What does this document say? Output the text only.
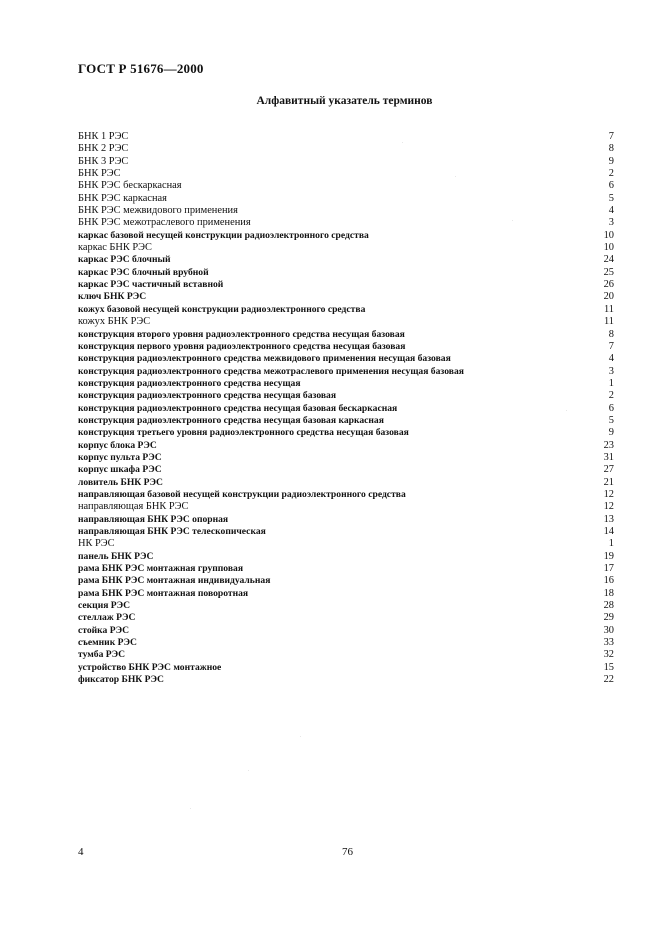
ГОСТ Р 51676—2000
Алфавитный указатель терминов
БНК 1 РЭС	7
БНК 2 РЭС	8
БНК 3 РЭС	9
БНК РЭС	2
БНК РЭС бескаркасная	6
БНК РЭС каркасная	5
БНК РЭС межвидового применения	4
БНК РЭС межотраслевого применения	3
каркас базовой несущей конструкции радиоэлектронного средства	10
каркас БНК РЭС	10
каркас РЭС блочный	24
каркас РЭС блочный врубной	25
каркас РЭС частичный вставной	26
ключ БНК РЭС	20
кожух базовой несущей конструкции радиоэлектронного средства	11
кожух БНК РЭС	11
конструкция второго уровня радиоэлектронного средства несущая базовая	8
конструкция первого уровня радиоэлектронного средства несущая базовая	7
конструкция радиоэлектронного средства межвидового применения несущая базовая	4
конструкция радиоэлектронного средства межотраслевого применения несущая базовая	3
конструкция радиоэлектронного средства несущая	1
конструкция радиоэлектронного средства несущая базовая	2
конструкция радиоэлектронного средства несущая базовая бескаркасная	6
конструкция радиоэлектронного средства несущая базовая каркасная	5
конструкция третьего уровня радиоэлектронного средства несущая базовая	9
корпус блока РЭС	23
корпус пульта РЭС	31
корпус шкафа РЭС	27
ловитель БНК РЭС	21
направляющая базовой несущей конструкции радиоэлектронного средства	12
направляющая БНК РЭС	12
направляющая БНК РЭС опорная	13
направляющая БНК РЭС телескопическая	14
НК РЭС	1
панель БНК РЭС	19
рама БНК РЭС монтажная групповая	17
рама БНК РЭС монтажная индивидуальная	16
рама БНК РЭС монтажная поворотная	18
секция РЭС	28
стеллаж РЭС	29
стойка РЭС	30
съемник РЭС	33
тумба РЭС	32
устройство БНК РЭС монтажное	15
фиксатор БНК РЭС	22
4	76
